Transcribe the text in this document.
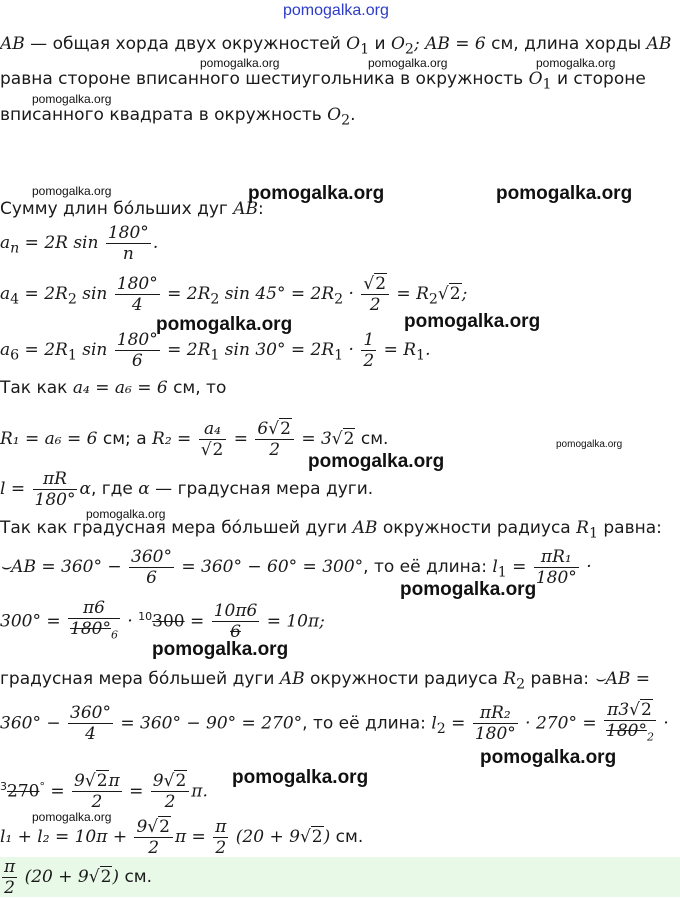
pomogalka.org
AB — общая хорда двух окружностей $O_1$ и $O_2$; AB = 6 см, длина хорды AB
равна стороне вписанного шестиугольника в окружность $O_1$ и стороне
вписанного квадрата в окружность $O_2$.
Сумму длин бо́льших дуг AB:
$a_n = 2R$ $\sin \frac{180^\circ}{n}$ .
$a_4 = 2R_2$ $\sin \frac{180^\circ}{4} = 2R_2$ $\sin 45^\circ = 2R_2 \cdot \frac{√2}{2} = R_2√2$;
$a_6 = 2R_1$ $\sin \frac{180^\circ}{6} = 2R_1$ $\sin 30^\circ = 2R_1 \cdot \frac{1}{2} = R_1$.
Так как a₄ = a₆ = 6 см, то
R₁ = a₆ = 6 см; а $R_2 = \frac{\text{a₄}}{√2} = \frac{6√2}{2} = 3√2$ см.
$l = \frac{\pi R}{180^\circ} \alpha$, где α — градусная мера дуги.
Так как градусная мера бо́льшей дуги AB окружности радиуса $R_1$ равна:
⌣AB = $360^\circ - \frac{360^\circ}{6} = 360^\circ - 60^\circ = 300^\circ$, то её длина: $l_1 = \frac{\text{πR₁}}{180^\circ}$ ·
$300^\circ = \frac{\pi 6}{180^\circ_6} \cdot ^{10}300 = \frac{10\pi 6}{6} = 10\pi$;
градусная мера бо́льшей дуги AB окружности радиуса $R_2$ равна: ⌣AB =
$360^\circ - \frac{360^\circ}{4} = 360^\circ - 90^\circ = 270^\circ$, то её длина: $l_2 = \frac{\text{πR₂}}{180^\circ} \cdot 270^\circ = \frac{\pi 3√2}{180^\circ_2}$ ·
$^3270^\circ = \frac{9√2\pi}{2} = \frac{9√2}{2} \pi$.
$l_1 + l_2 = 10\pi + \frac{9√2}{2}$ $\pi = \frac{\pi}{2} (20 + 9√2)$ см.
$\frac{\pi}{2} (20 + 9√2)$ см.
pomogalka.org	pomogalka.org	pomogalka.org
pomogalka.org
pomogalka.org
pomogalka.org
pomogalka.org
pomogalka.org
pomogalka.org	pomogalka.org
pomogalka.org	pomogalka.org
pomogalka.org
pomogalka.org
pomogalka.org
pomogalka.org
pomogalka.org
